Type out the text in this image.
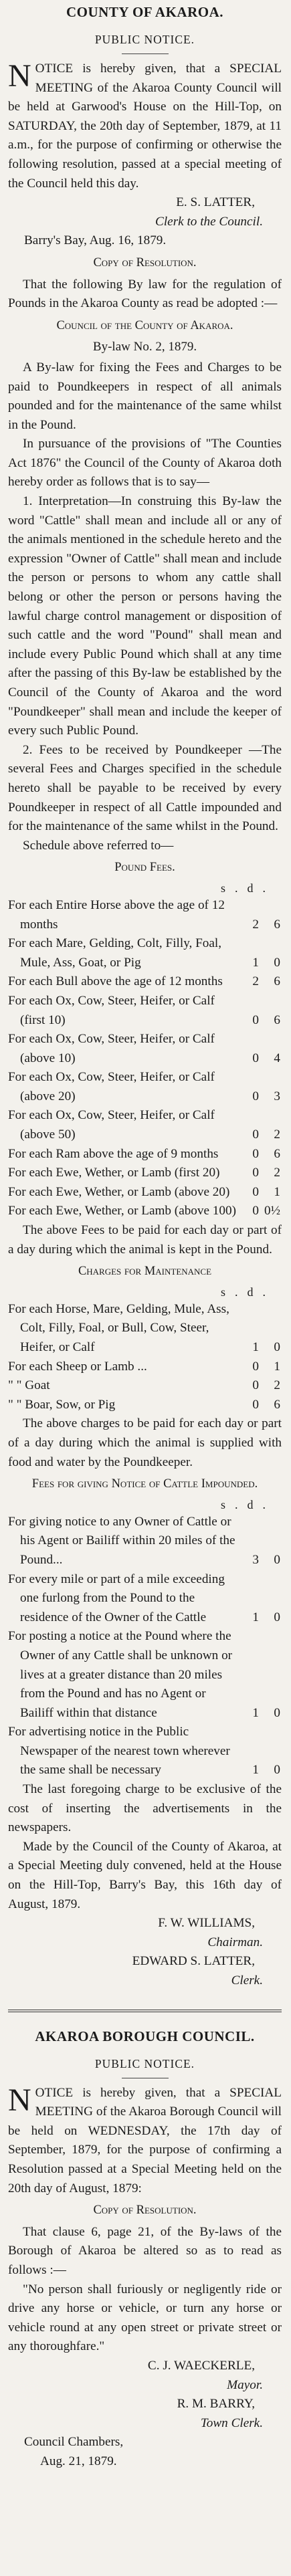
COUNTY OF AKAROA.
PUBLIC NOTICE.

NOTICE is hereby given, that a SPECIAL MEETING of the Akaroa County Council will be held at Garwood's House on the Hill-Top, on SATURDAY, the 20th day of September, 1879, at 11 a.m., for the purpose of confirming or otherwise the following resolution, passed at a special meeting of the Council held this day.

E. S. LATTER,

Clerk to the Council.

Barry's Bay, Aug. 16, 1879.

Copy of Resolution.

That the following By law for the regulation of Pounds in the Akaroa County as read be adopted :—

Council of the County of Akaroa.

By-law No. 2, 1879.

A By-law for fixing the Fees and Charges to be paid to Poundkeepers in respect of all animals pounded and for the maintenance of the same whilst in the Pound.

In pursuance of the provisions of "The Counties Act 1876" the Council of the County of Akaroa doth hereby order as follows that is to say—

1. Interpretation—In construing this By-law the word "Cattle" shall mean and include all or any of the animals mentioned in the schedule hereto and the expression "Owner of Cattle" shall mean and include the person or persons to whom any cattle shall belong or other the person or persons having the lawful charge control management or disposition of such cattle and the word "Pound" shall mean and include every Public Pound which shall at any time after the passing of this By-law be established by the Council of the County of Akaroa and the word "Poundkeeper" shall mean and include the keeper of every such Public Pound.

2. Fees to be received by Poundkeeper —The several Fees and Charges specified in the schedule hereto shall be payable to be received by every Poundkeeper in respect of all Cattle impounded and for the maintenance of the same whilst in the Pound.

Schedule above referred to—

Pound Fees.

s.d.
For each Entire Horse above the age of 12 months	2	6
For each Mare, Gelding, Colt, Filly, Foal, Mule, Ass, Goat, or Pig	1	0
For each Bull above the age of 12 months	2	6
For each Ox, Cow, Steer, Heifer, or Calf (first 10)	0	6
For each Ox, Cow, Steer, Heifer, or Calf (above 10)	0	4
For each Ox, Cow, Steer, Heifer, or Calf (above 20)	0	3
For each Ox, Cow, Steer, Heifer, or Calf (above 50)	0	2
For each Ram above the age of 9 months	0	6
For each Ewe, Wether, or Lamb (first 20)	0	2
For each Ewe, Wether, or Lamb (above 20)	0	1
For each Ewe, Wether, or Lamb (above 100)	0	0½

The above Fees to be paid for each day or part of a day during which the animal is kept in the Pound.

Charges for Maintenance

s.d.
For each Horse, Mare, Gelding, Mule, Ass, Colt, Filly, Foal, or Bull, Cow, Steer, Heifer, or Calf	1	0
For each Sheep or Lamb ...	0	1
" " Goat	0	2
" " Boar, Sow, or Pig	0	6

The above charges to be paid for each day or part of a day during which the animal is supplied with food and water by the Poundkeeper.

Fees for giving Notice of Cattle Impounded.

s.d.
For giving notice to any Owner of Cattle or his Agent or Bailiff within 20 miles of the Pound...	3	0
For every mile or part of a mile exceeding one furlong from the Pound to the residence of the Owner of the Cattle	1	0
For posting a notice at the Pound where the Owner of any Cattle shall be unknown or lives at a greater distance than 20 miles from the Pound and has no Agent or Bailiff within that distance	1	0
For advertising notice in the Public Newspaper of the nearest town wherever the same shall be necessary	1	0

The last foregoing charge to be exclusive of the cost of inserting the advertisements in the newspapers.

Made by the Council of the County of Akaroa, at a Special Meeting duly convened, held at the House on the Hill-Top, Barry's Bay, this 16th day of August, 1879.

F. W. WILLIAMS,

Chairman.

EDWARD S. LATTER,

Clerk.

AKAROA BOROUGH COUNCIL.
PUBLIC NOTICE.

NOTICE is hereby given, that a SPECIAL MEETING of the Akaroa Borough Council will be held on WEDNESDAY, the 17th day of September, 1879, for the purpose of confirming a Resolution passed at a Special Meeting held on the 20th day of August, 1879:

Copy of Resolution.

That clause 6, page 21, of the By-laws of the Borough of Akaroa be altered so as to read as follows :—

"No person shall furiously or negligently ride or drive any horse or vehicle, or turn any horse or vehicle round at any open street or private street or any thoroughfare."

C. J. WAECKERLE,

Mayor.

R. M. BARRY,

Town Clerk.

Council Chambers,

Aug. 21, 1879.
